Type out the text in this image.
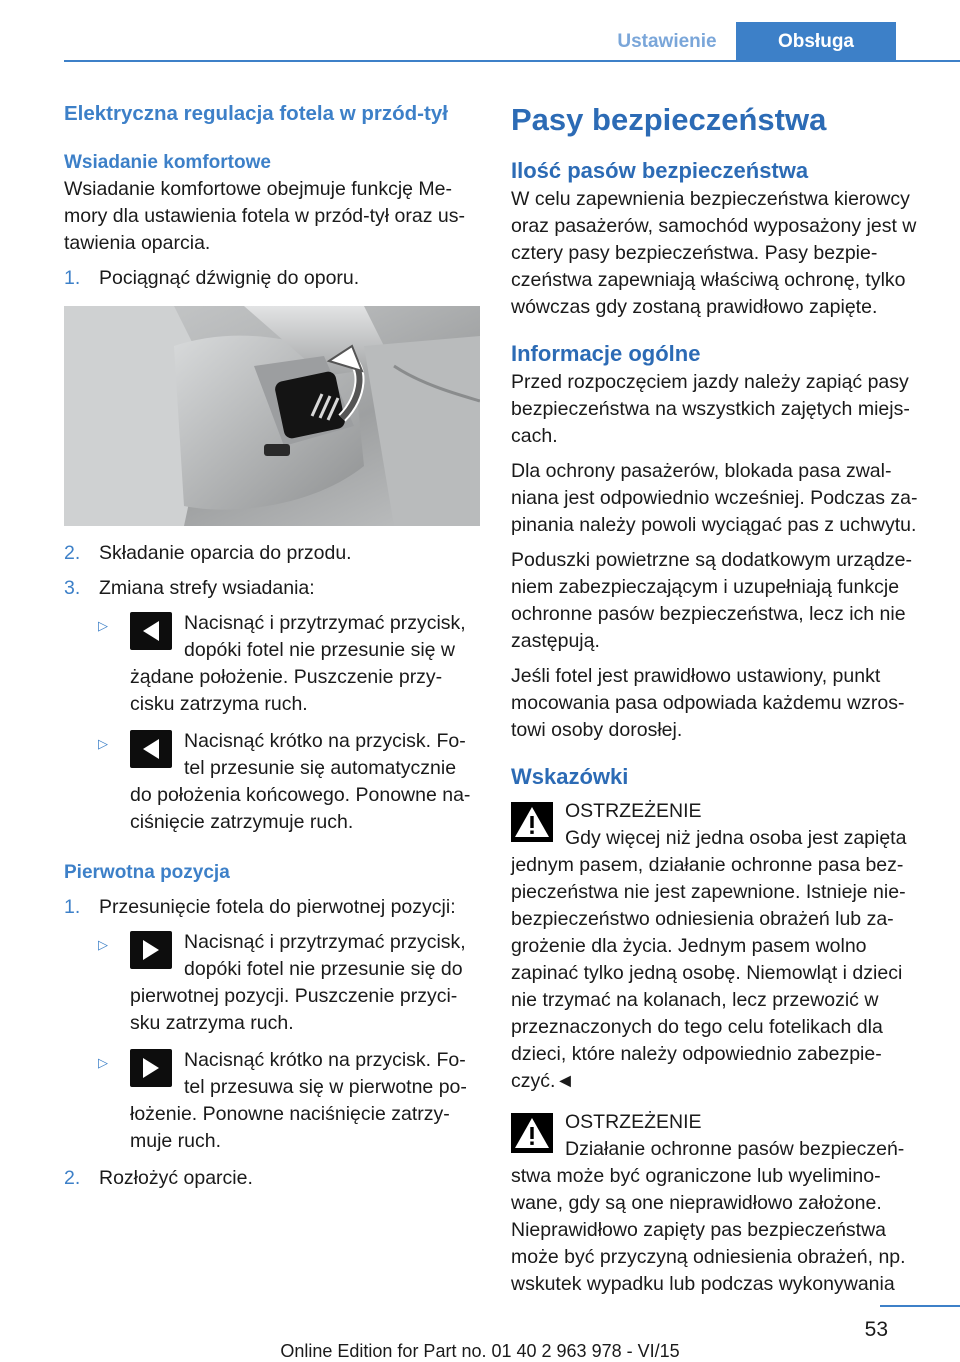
Ustawienie	Obsługa
Elektryczna regulacja fotela w przód-tył
Wsiadanie komfortowe

Wsiadanie komfortowe obejmuje funkcję Me-mory dla ustawienia fotela w przód-tył oraz us-tawienia oparcia.

1. Pociągnąć dźwignię do oporu.
2. Składanie oparcia do przodu.
3. Zmiana strefy wsiadania:
▷	Nacisnąć i przytrzymać przycisk, dopóki fotel nie przesunie się w żądane położenie. Puszczenie przy-cisku zatrzyma ruch.

▷	Nacisnąć krótko na przycisk. Fo-tel przesunie się automatycznie do położenia końcowego. Ponowne na-ciśnięcie zatrzymuje ruch.

Pierwotna pozycja
1. Przesunięcie fotela do pierwotnej pozycji:
▷	Nacisnąć i przytrzymać przycisk, dopóki fotel nie przesunie się do pierwotnej pozycji. Puszczenie przyci-sku zatrzyma ruch.

▷	Nacisnąć krótko na przycisk. Fo-tel przesuwa się w pierwotne po-łożenie. Ponowne naciśnięcie zatrzy-muje ruch.

2. Rozłożyć oparcie.
Pasy bezpieczeństwa
Ilość pasów bezpieczeństwa

W celu zapewnienia bezpieczeństwa kierowcy oraz pasażerów, samochód wyposażony jest w cztery pasy bezpieczeństwa. Pasy bezpie-czeństwa zapewniają właściwą ochronę, tylko wówczas gdy zostaną prawidłowo zapięte.

Informacje ogólne

Przed rozpoczęciem jazdy należy zapiąć pasy bezpieczeństwa na wszystkich zajętych miejs-cach.

Dla ochrony pasażerów, blokada pasa zwal-niana jest odpowiednio wcześniej. Podczas za-pinania należy powoli wyciągać pas z uchwytu.

Poduszki powietrzne są dodatkowym urządze-niem zabezpieczającym i uzupełniają funkcje ochronne pasów bezpieczeństwa, lecz ich nie zastępują.

Jeśli fotel jest prawidłowo ustawiony, punkt mocowania pasa odpowiada każdemu wzros-towi osoby dorosłej.

Wskazówki

OSTRZEŻENIE

Gdy więcej niż jedna osoba jest zapięta jednym pasem, działanie ochronne pasa bez-pieczeństwa nie jest zapewnione. Istnieje nie-bezpieczeństwo odniesienia obrażeń lub za-grożenie dla życia. Jednym pasem wolno zapinać tylko jedną osobę. Niemowląt i dzieci nie trzymać na kolanach, lecz przewozić w przeznaczonych do tego celu fotelikach dla dzieci, które należy odpowiednio zabezpie-czyć.◄

OSTRZEŻENIE

Działanie ochronne pasów bezpieczeń-stwa może być ograniczone lub wyelimino-wane, gdy są one nieprawidłowo założone. Nieprawidłowo zapięty pas bezpieczeństwa może być przyczyną odniesienia obrażeń, np. wskutek wypadku lub podczas wykonywania

53
Online Edition for Part no. 01 40 2 963 978 - VI/15
